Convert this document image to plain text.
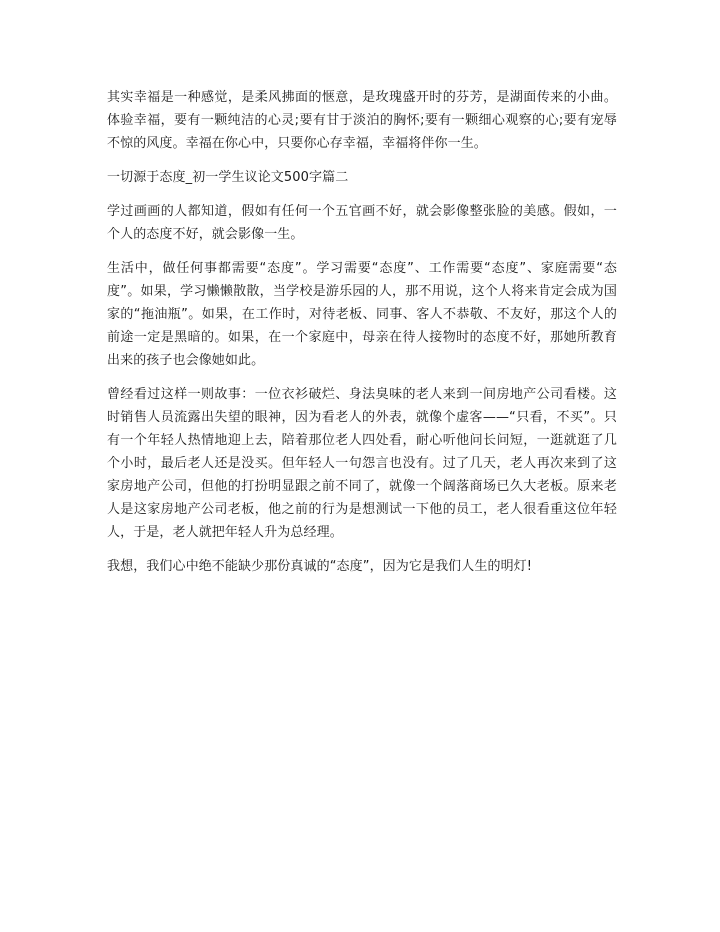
其实幸福是一种感觉，是柔风拂面的惬意，是玫瑰盛开时的芬芳，是湖面传来的小曲。体验幸福，要有一颗纯洁的心灵;要有甘于淡泊的胸怀;要有一颗细心观察的心;要有宠辱不惊的风度。幸福在你心中，只要你心存幸福，幸福将伴你一生。

一切源于态度_初一学生议论文500字篇二

学过画画的人都知道，假如有任何一个五官画不好，就会影像整张脸的美感。假如，一个人的态度不好，就会影像一生。

生活中，做任何事都需要“态度”。学习需要“态度”、工作需要“态度”、家庭需要“态度”。如果，学习懒懒散散，当学校是游乐园的人，那不用说，这个人将来肯定会成为国家的“拖油瓶”。如果，在工作时，对待老板、同事、客人不恭敬、不友好，那这个人的前途一定是黑暗的。如果，在一个家庭中，母亲在待人接物时的态度不好，那她所教育出来的孩子也会像她如此。

曾经看过这样一则故事：一位衣衫破烂、身法臭味的老人来到一间房地产公司看楼。这时销售人员流露出失望的眼神，因为看老人的外表，就像个虚客——“只看，不买”。只有一个年轻人热情地迎上去，陪着那位老人四处看，耐心听他问长问短，一逛就逛了几个小时，最后老人还是没买。但年轻人一句怨言也没有。过了几天，老人再次来到了这家房地产公司，但他的打扮明显跟之前不同了，就像一个阔落商场已久大老板。原来老人是这家房地产公司老板，他之前的行为是想测试一下他的员工，老人很看重这位年轻人，于是，老人就把年轻人升为总经理。

我想，我们心中绝不能缺少那份真诚的“态度”，因为它是我们人生的明灯!
